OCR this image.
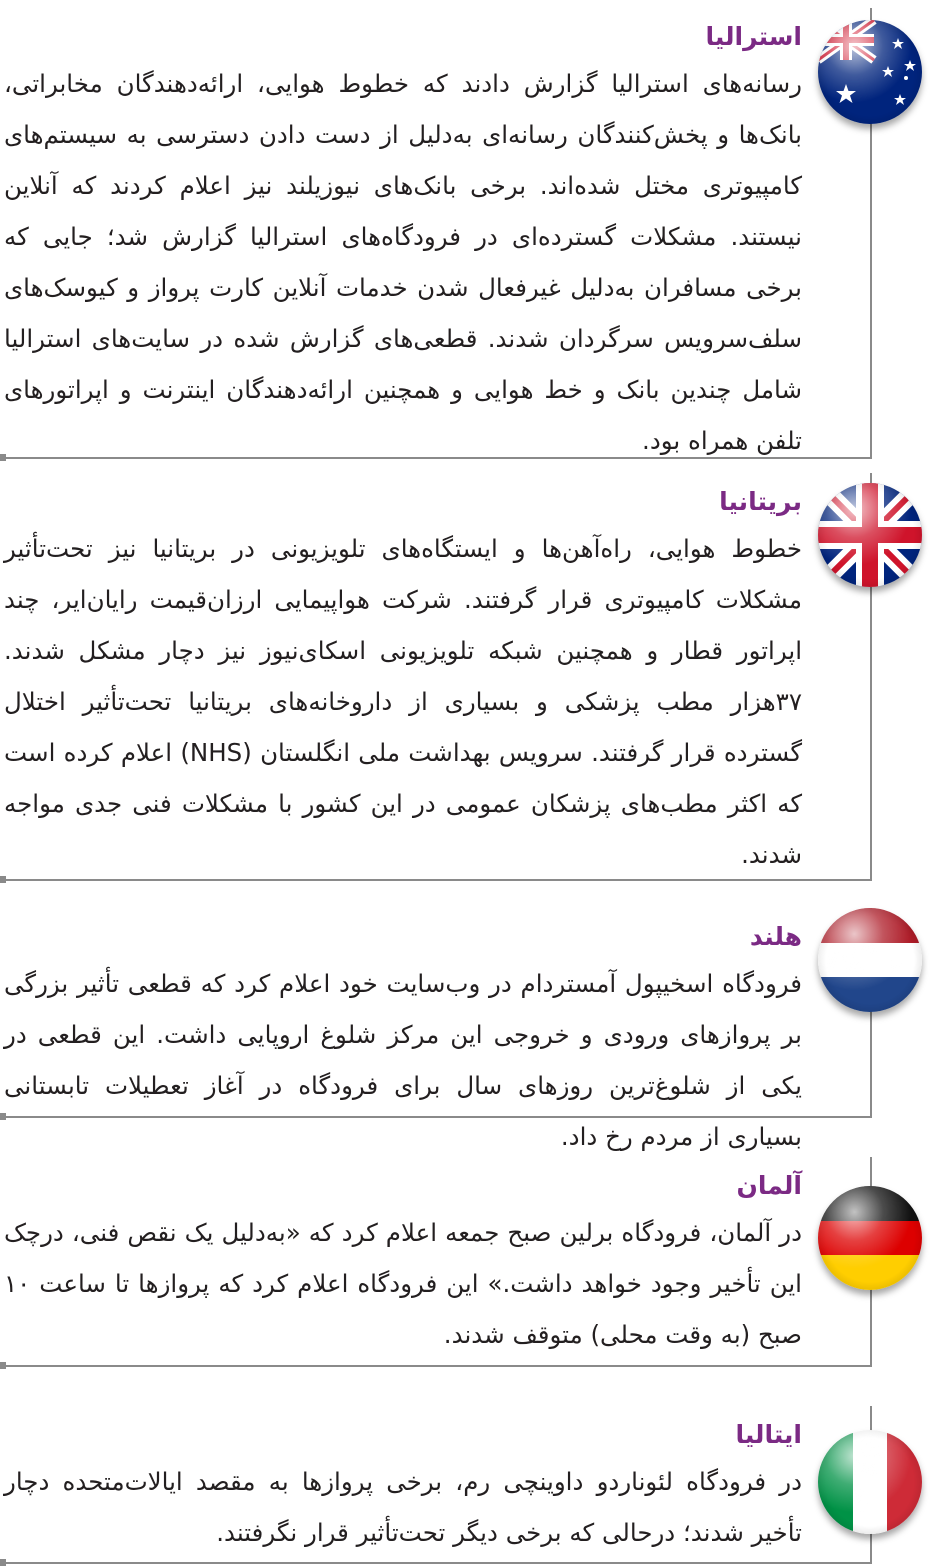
استرالیا
رسانه‌های استرالیا گزارش دادند که خطوط هوایی، ارائه‌دهندگان مخابراتی، بانک‌ها و پخش‌کنندگان رسانه‌ای به‌دلیل از دست دادن دسترسی به سیستم‌های کامپیوتری مختل شده‌اند. برخی بانک‌های نیوزیلند نیز اعلام کردند که آنلاین نیستند. مشکلات گسترده‌ای در فرودگاه‌های استرالیا گزارش شد؛ جایی که برخی مسافران به‌دلیل غیرفعال شدن خدمات آنلاین کارت پرواز و کیوسک‌های سلف‌سرویس سرگردان شدند. قطعی‌های گزارش شده در سایت‌های استرالیا شامل چندین بانک و خط هوایی و همچنین ارائه‌دهندگان اینترنت و اپراتورهای تلفن همراه بود.
بریتانیا
خطوط هوایی، راه‌آهن‌ها و ایستگاه‌های تلویزیونی در بریتانیا نیز تحت‌تأثیر مشکلات کامپیوتری قرار گرفتند. شرکت هواپیمایی ارزان‌قیمت رایان‌ایر، چند اپراتور قطار و همچنین شبکه تلویزیونی اسکای‌نیوز نیز دچار مشکل شدند. ۳۷هزار مطب پزشکی و بسیاری از داروخانه‌های بریتانیا تحت‌تأثیر اختلال گسترده قرار گرفتند. سرویس بهداشت ملی انگلستان (NHS) اعلام کرده است که اکثر مطب‌های پزشکان عمومی در این کشور با مشکلات فنی جدی مواجه شدند.
هلند
فرودگاه اسخیپول آمستردام در وب‌سایت خود اعلام کرد که قطعی تأثیر بزرگی بر پروازهای ورودی و خروجی این مرکز شلوغ اروپایی داشت. این قطعی در یکی از شلوغ‌ترین روزهای سال برای فرودگاه در آغاز تعطیلات تابستانی بسیاری از مردم رخ داد.
آلمان
در آلمان، فرودگاه برلین صبح جمعه اعلام کرد که «به‌دلیل یک نقص فنی، درچک این تأخیر وجود خواهد داشت.» این فرودگاه اعلام کرد که پروازها تا ساعت ۱۰ صبح (به وقت محلی) متوقف شدند.
ایتالیا
در فرودگاه لئوناردو داوینچی رم، برخی پروازها به مقصد ایالات‌متحده دچار تأخیر شدند؛ درحالی که برخی دیگر تحت‌تأثیر قرار نگرفتند.
